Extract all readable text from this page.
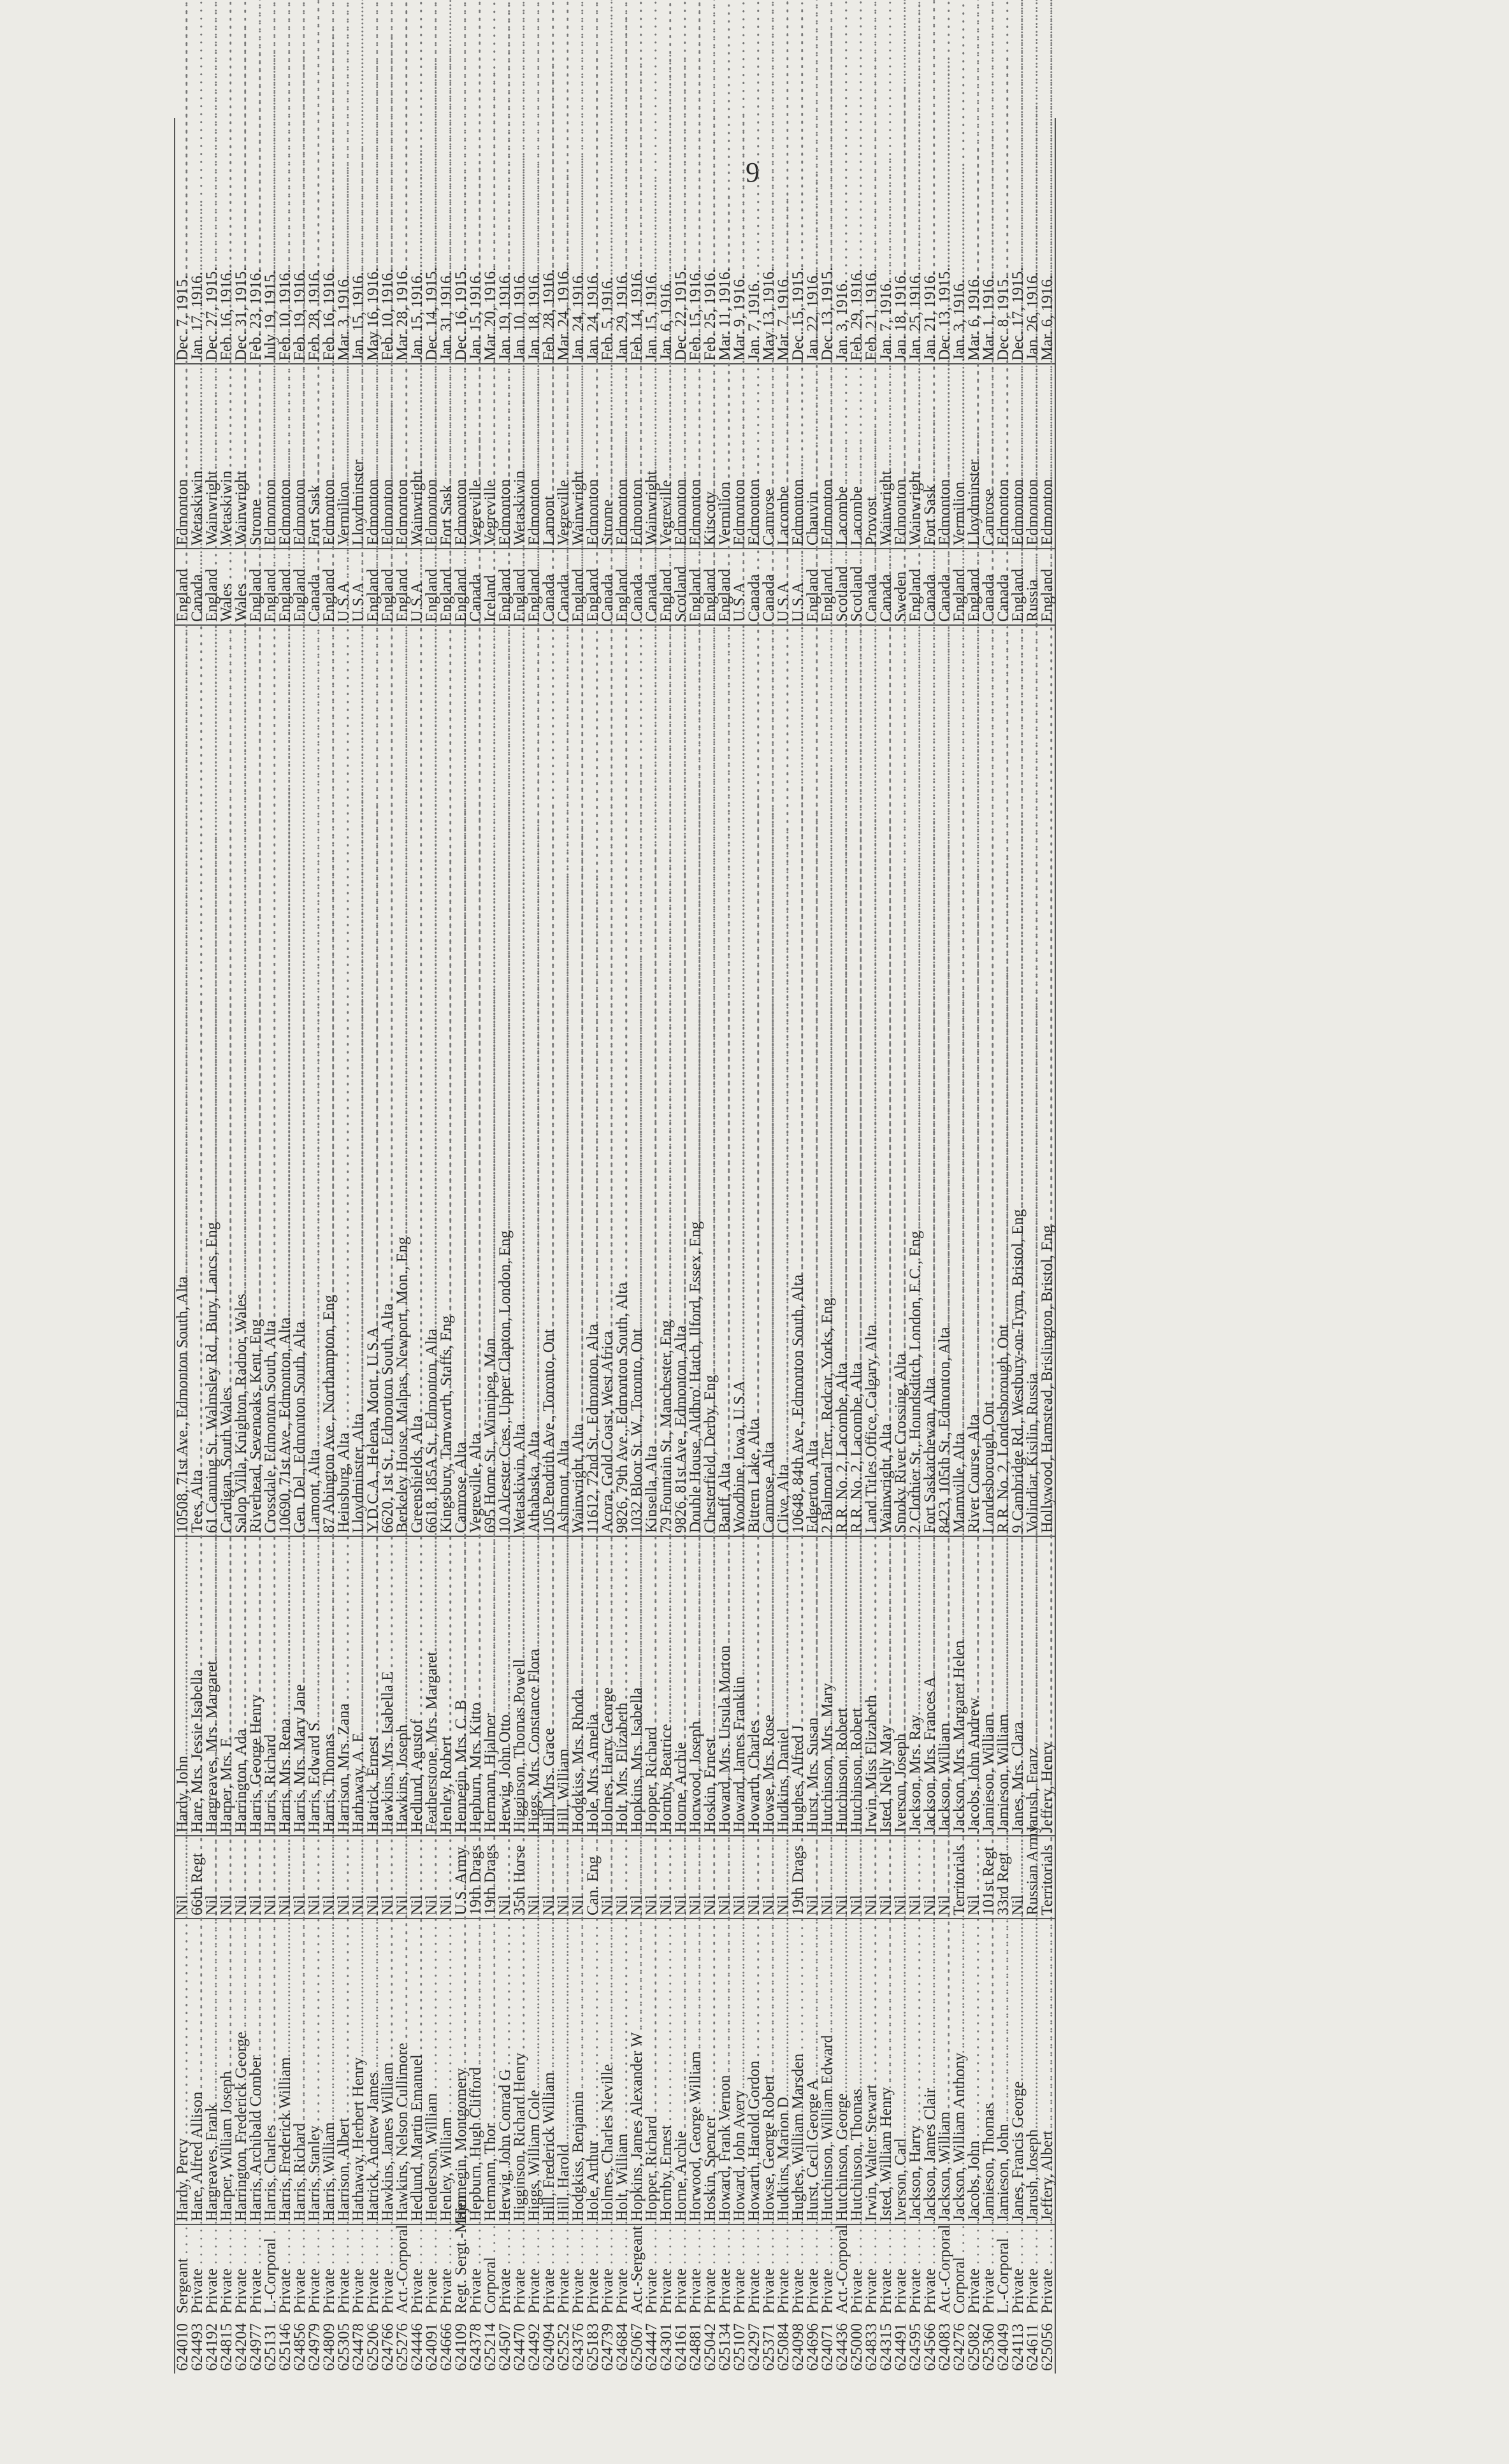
9
624010	Sergeant . . .	Hardy, Percy . . .	Nil . . .	Hardy, John . . .	10508, 71st Ave., Edmonton South, Alta . . .	England . . .	Edmonton . . .	Dec. 7, 1915.
624493	Private . . .	Hare, Alfred Allison . . .	66th Regt . . .	Hare, Mrs. Jessie Isabella . . .	Tees, Alta . . .	Canada . . .	Wetaskiwin . . .	Jan. 17, 1916.
624192	Private . . .	Hargreaves, Frank . . .	Nil . . .	Hargreaves, Mrs. Margaret . . .	61 Canning St., Walmsley Rd., Bury, Lancs, Eng . . .	England . . .	Wainwright . . .	Dec. 27, 1915.
624815	Private . . .	Harper, William Joseph . . .	Nil . . .	Harper, Mrs. E . . .	Cardigan, South Wales . . .	Wales . . .	Wetaskiwin . . .	Feb. 16, 1916.
624204	Private . . .	Harrington, Frederick George . . .	Nil . . .	Harrington, Ada . . .	Salop Villa, Knighton, Radnor, Wales . . .	Wales . . .	Wainwright . . .	Dec. 31, 1915.
624977	Private . . .	Harris, Archibald Comber . . .	Nil . . .	Harris, George Henry . . .	Riverhead, Sevenoaks, Kent, Eng . . .	England . . .	Strome . . .	Feb. 23, 1916.
625131	L.-Corporal . . .	Harris, Charles . . .	Nil . . .	Harris, Richard . . .	Crossdale, Edmonton South, Alta . . .	England . . .	Edmonton . . .	July 19, 1915.
625146	Private . . .	Harris, Frederick William . . .	Nil . . .	Harris, Mrs. Rena . . .	10690, 71st Ave., Edmonton, Alta . . .	England . . .	Edmonton . . .	Feb. 10, 1916.
624856	Private . . .	Harris, Richard . . .	Nil . . .	Harris, Mrs. Mary Jane . . .	Gen. Del., Edmonton South, Alta . . .	England . . .	Edmonton . . .	Feb. 19, 1916.
624979	Private . . .	Harris, Stanley . . .	Nil . . .	Harris, Edward S . . .	Lamont, Alta . . .	Canada . . .	Fort Sask . . .	Feb. 28, 1916.
624809	Private . . .	Harris, William . . .	Nil . . .	Harris, Thomas . . .	87 Abington Ave., Northampton, Eng . . .	England . . .	Edmonton . . .	Feb. 16, 1916.
625305	Private . . .	Harrison, Albert . . .	Nil . . .	Harrison, Mrs. Zana . . .	Heinsburg, Alta . . .	U.S.A . . .	Vermilion . . .	Mar. 3, 1916.
624478	Private . . .	Hathaway, Herbert Henry . . .	Nil . . .	Hathaway, A. E . . .	Lloydminster, Alta . . .	U.S.A . . .	Lloydminster . . .	Jan. 15, 1916.
625206	Private . . .	Hatrick, Andrew James . . .	Nil . . .	Hatrick, Ernest . . .	Y.D.C.A., Helena, Mont., U.S.A . . .	England . . .	Edmonton . . .	May 16, 1916.
624766	Private . . .	Hawkins, James William . . .	Nil . . .	Hawkins, Mrs. Isabella E . . .	6620, 1st St., Edmonton South, Alta . . .	England . . .	Edmonton . . .	Feb. 10, 1916.
625276	Act.-Corporal . . .	Hawkins, Nelson Cullimore . . .	Nil . . .	Hawkins, Joseph . . .	Berkeley House, Malpas, Newport, Mon., Eng . . .	England . . .	Edmonton . . .	Mar. 28, 1916.
624446	Private . . .	Hedlund, Martin Emanuel . . .	Nil . . .	Hedlund, Agustof . . .	Greenshields, Alta . . .	U.S.A . . .	Wainwright . . .	Jan. 15, 1916.
624091	Private . . .	Henderson, William . . .	Nil . . .	Featherstone, Mrs. Margaret . . .	6618, 185A St., Edmonton, Alta . . .	England . . .	Edmonton . . .	Dec. 14, 1915.
624666	Private . . .	Henley, William . . .	Nil . . .	Henley, Robert . . .	Kingsbury, Tamworth, Staffs, Eng . . .	England . . .	Fort Sask . . .	Jan. 31, 1916.
624109	Regt. Sergt.-Major . . .	Hennegin, Montgomery . . .	U.S. Army . . .	Hennegin, Mrs. C. B . . .	Camrose, Alta . . .	England . . .	Edmonton . . .	Dec. 16, 1915.
624378	Private . . .	Hepburn, Hugh Clifford . . .	19th Drags . . .	Hepburn, Mrs. Kitto . . .	Vegreville, Alta . . .	Canada . . .	Vegreville . . .	Jan. 15, 1916.
625214	Corporal . . .	Hermann, Thor . . .	19th Drags . . .	Hermann, Hjalmer . . .	695 Home St., Winnipeg, Man . . .	Iceland . . .	Vegreville . . .	Mar. 20, 1916.
624507	Private . . .	Herwig, John Conrad G . . .	Nil . . .	Herwig, John Otto . . .	10 Alcester Cres., Upper Clapton, London, Eng . . .	England . . .	Edmonton . . .	Jan. 19, 1916.
624470	Private . . .	Higginson, Richard Henry . . .	35th Horse . . .	Higginson, Thomas Powell . . .	Wetaskiwin, Alta . . .	England . . .	Wetaskiwin . . .	Jan. 10, 1916.
624492	Private . . .	Higgs, William Cole . . .	Nil . . .	Higgs, Mrs. Constance Flora . . .	Athabaska, Alta . . .	England . . .	Edmonton . . .	Jan. 18, 1916.
624094	Private . . .	Hill, Frederick William . . .	Nil . . .	Hill, Mrs. Grace . . .	105 Pendrith Ave., Toronto, Ont . . .	Canada . . .	Lamont . . .	Feb. 28, 1916.
625252	Private . . .	Hill, Harold . . .	Nil . . .	Hill, William . . .	Ashmont, Alta . . .	Canada . . .	Vegreville . . .	Mar. 24, 1916.
624376	Private . . .	Hodgkiss, Benjamin . . .	Nil . . .	Hodgkiss, Mrs. Rhoda . . .	Wainwright, Alta . . .	England . . .	Wainwright . . .	Jan. 24, 1916.
625183	Private . . .	Hole, Arthur . . .	Can. Eng . . .	Hole, Mrs. Amelia . . .	11612, 72nd St., Edmonton, Alta . . .	England . . .	Edmonton . . .	Jan. 24, 1916.
624739	Private . . .	Holmes, Charles Neville . . .	Nil . . .	Holmes, Harry George . . .	Acora, Gold Coast, West Africa . . .	Canada . . .	Strome . . .	Feb. 5, 1916.
624684	Private . . .	Holt, William . . .	Nil . . .	Holt, Mrs. Elizabeth . . .	9826, 79th Ave., Edmonton South, Alta . . .	England . . .	Edmonton . . .	Jan. 29, 1916.
625067	Act.-Sergeant . . .	Hopkins, James Alexander W . . .	Nil . . .	Hopkins, Mrs. Isabella . . .	1032 Bloor St. W., Toronto, Ont . . .	Canada . . .	Edmonton . . .	Feb. 14, 1916.
624447	Private . . .	Hopper, Richard . . .	Nil . . .	Hopper, Richard . . .	Kinsella, Alta . . .	Canada . . .	Wainwright . . .	Jan. 15, 1916.
624301	Private . . .	Hornby, Ernest . . .	Nil . . .	Hornby, Beatrice . . .	79 Fountain St., Manchester, Eng . . .	England . . .	Vegreville . . .	Jan. 6, 1916.
624161	Private . . .	Horne, Archie . . .	Nil . . .	Horne, Archie . . .	9826, 81st Ave., Edmonton, Alta . . .	Scotland . . .	Edmonton . . .	Dec. 22, 1915.
624881	Private . . .	Horwood, George William . . .	Nil . . .	Horwood, Joseph . . .	Double House, Aldbro' Hatch, Ilford, Essex, Eng . . .	England . . .	Edmonton . . .	Feb. 15, 1916.
625042	Private . . .	Hoskin, Spencer . . .	Nil . . .	Hoskin, Ernest . . .	Chesterfield, Derby, Eng . . .	England . . .	Kitscoty . . .	Feb. 25, 1916.
625134	Private . . .	Howard, Frank Vernon . . .	Nil . . .	Howard, Mrs. Ursula Morton . . .	Banff, Alta . . .	England . . .	Vermilion . . .	Mar. 11, 1916.
625107	Private . . .	Howard, John Avery . . .	Nil . . .	Howard, James Franklin . . .	Woodbine, Iowa, U.S.A . . .	U.S.A . . .	Edmonton . . .	Mar. 9, 1916.
624297	Private . . .	Howarth, Harold Gordon . . .	Nil . . .	Howarth, Charles . . .	Bittern Lake, Alta . . .	Canada . . .	Edmonton . . .	Jan. 7, 1916.
625371	Private . . .	Howse, George Robert . . .	Nil . . .	Howse, Mrs. Rose . . .	Camrose, Alta . . .	Canada . . .	Camrose . . .	May 13, 1916.
625084	Private . . .	Hudkins, Marion D . . .	Nil . . .	Hudkins, Daniel . . .	Clive, Alta . . .	U.S.A . . .	Lacombe . . .	Mar. 7, 1916.
624098	Private . . .	Hughes, William Marsden . . .	19th Drags . . .	Hughes, Alfred J . . .	10648, 84th Ave., Edmonton South, Alta . . .	U.S.A . . .	Edmonton . . .	Dec. 15, 1915.
624696	Private . . .	Hurst, Cecil George A . . .	Nil . . .	Hurst, Mrs. Susan . . .	Edgerton, Alta . . .	England . . .	Chauvin . . .	Jan. 22, 1916.
624071	Private . . .	Hutchinson, William Edward . . .	Nil . . .	Hutchinson, Mrs. Mary . . .	2 Balmoral Terr., Redcar, Yorks, Eng . . .	England . . .	Edmonton . . .	Dec. 13, 1915.
624436	Act.-Corporal . . .	Hutchinson, George . . .	Nil . . .	Hutchinson, Robert . . .	R.R. No. 2, Lacombe, Alta . . .	Scotland . . .	Lacombe . . .	Jan. 3, 1916.
625000	Private . . .	Hutchinson, Thomas . . .	Nil . . .	Hutchinson, Robert . . .	R.R. No. 2, Lacombe, Alta . . .	Scotland . . .	Lacombe . . .	Feb. 29, 1916.
624833	Private . . .	Irwin, Walter Stewart . . .	Nil . . .	Irwin, Miss Elizabeth . . .	Land Titles Office, Calgary, Alta . . .	Canada . . .	Provost . . .	Feb. 21, 1916.
624315	Private . . .	Isted, William Henry . . .	Nil . . .	Isted, Nelly May . . .	Wainwright, Alta . . .	Canada . . .	Wainwright . . .	Jan. 7, 1916.
624491	Private . . .	Iverson, Carl . . .	Nil . . .	Iverson, Joseph . . .	Smoky River Crossing, Alta . . .	Sweden . . .	Edmonton . . .	Jan. 18, 1916.
624595	Private . . .	Jackson, Harry . . .	Nil . . .	Jackson, Mrs. Ray . . .	2 Clothier St., Houndsditch, London, E.C., Eng . . .	England . . .	Wainwright . . .	Jan. 25, 1916.
624566	Private . . .	Jackson, James Clair . . .	Nil . . .	Jackson, Mrs. Frances A . . .	Fort Saskatchewan, Alta . . .	Canada . . .	Fort Sask . . .	Jan. 21, 1916.
624083	Act.-Corporal . . .	Jackson, William . . .	Nil . . .	Jackson, William . . .	8423, 105th St., Edmonton, Alta . . .	Canada . . .	Edmonton . . .	Dec. 13, 1915.
624276	Corporal . . .	Jackson, William Anthony . . .	Territorials . . .	Jackson, Mrs. Margaret Helen . . .	Mannville, Alta . . .	England . . .	Vermilion . . .	Jan. 3, 1916.
625082	Private . . .	Jacobs, John . . .	Nil . . .	Jacobs, John Andrew . . .	River Course, Alta . . .	England . . .	Lloydminster . . .	Mar. 6, 1916.
625360	Private . . .	Jamieson, Thomas . . .	101st Regt . . .	Jamieson, William . . .	Londesborough, Ont . . .	Canada . . .	Camrose . . .	Mar. 1, 1916.
624049	L.-Corporal . . .	Jamieson, John . . .	33rd Regt . . .	Jamieson, William . . .	R.R. No. 2, Londesborough, Ont . . .	Canada . . .	Edmonton . . .	Dec. 8, 1915.
624113	Private . . .	Janes, Francis George . . .	Nil . . .	Janes, Mrs. Clara . . .	9 Cambridge Rd., Westbury-on-Trym, Bristol, Eng . . .	England . . .	Edmonton . . .	Dec. 17, 1915.
624611	Private . . .	Jarush, Joseph . . .	Russian Army . . .	Jarush, Franz . . .	Volindiar, Kisilin, Russia . . .	Russia . . .	Edmonton . . .	Jan. 26, 1916.
625056	Private . . .	Jeffery, Albert . . .	Territorials . . .	Jeffery, Henry . . .	Hollywood, Hamstead, Brislington, Bristol, Eng . . .	England . . .	Edmonton . . .	Mar. 6, 1916.
